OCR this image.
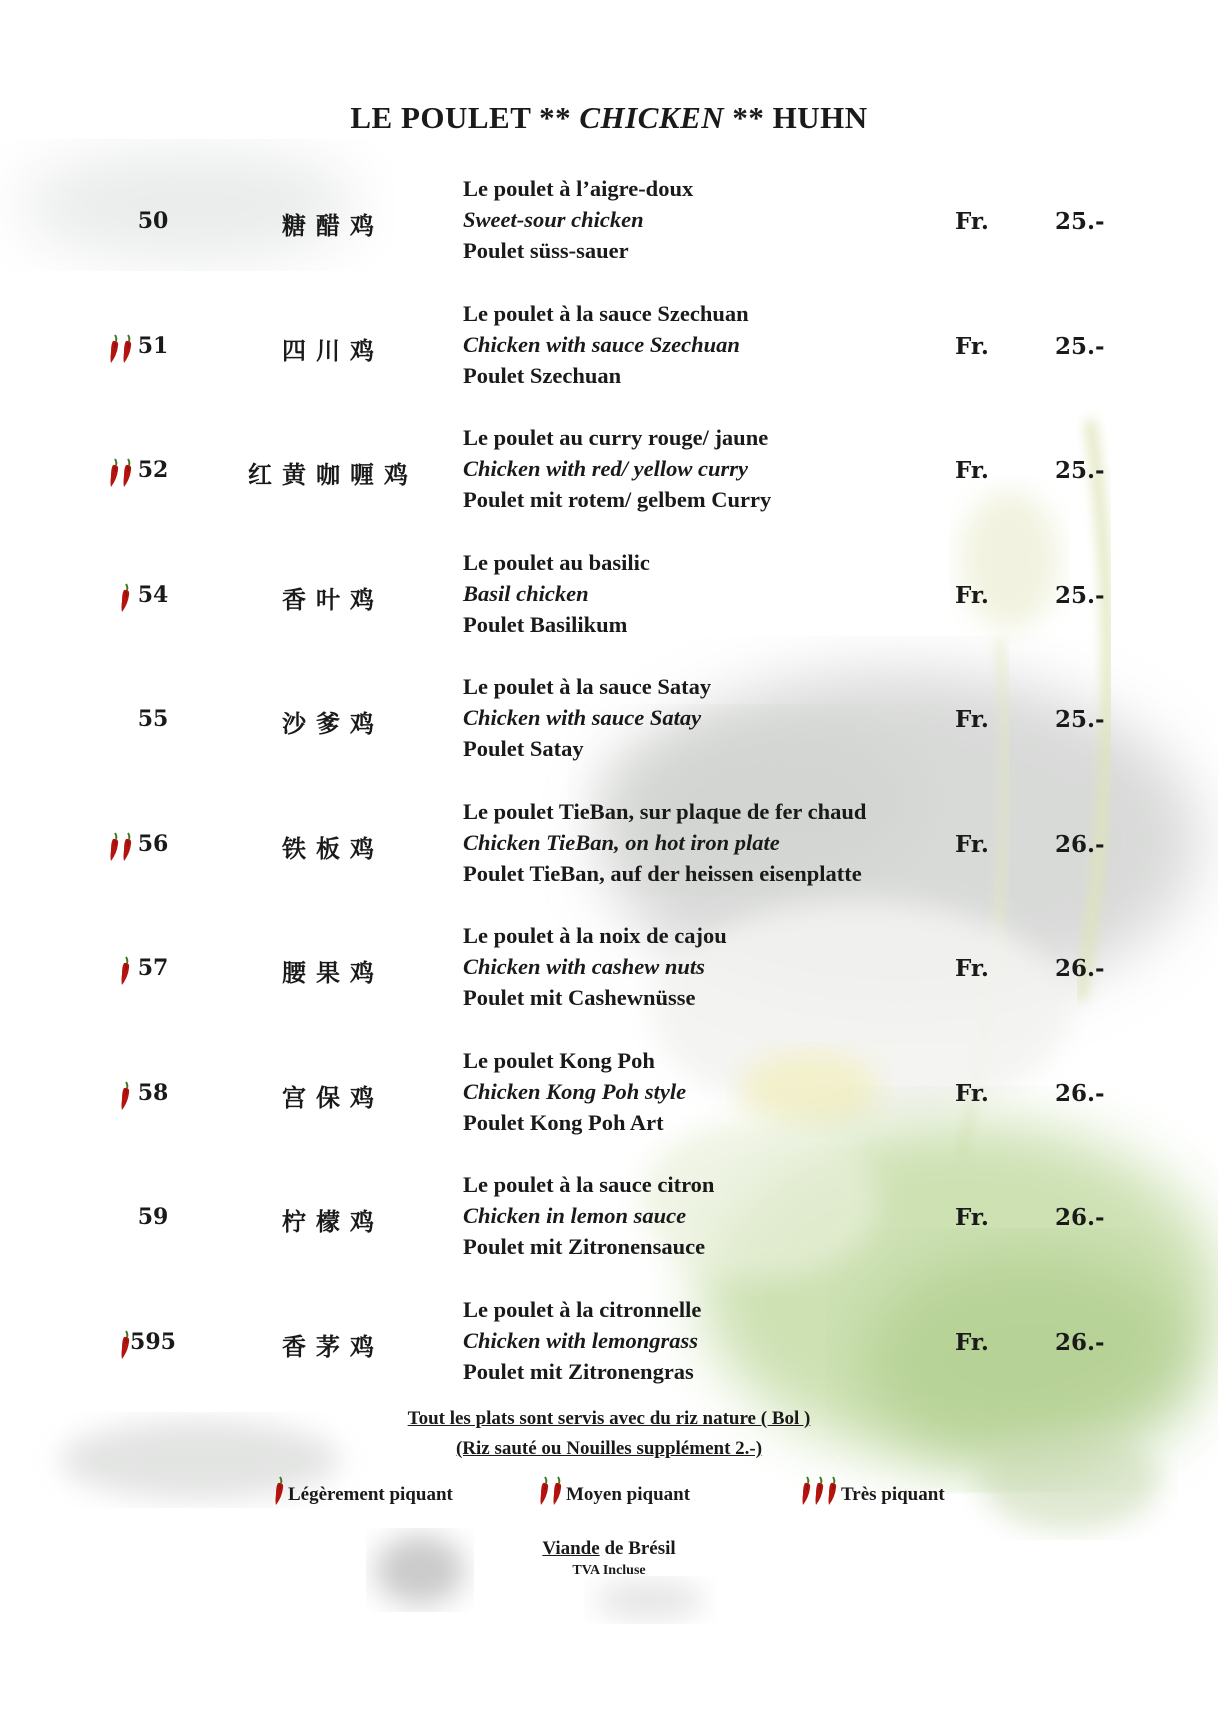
LE POULET ** CHICKEN ** HUHN
50	糖醋鸡
Le poulet à l’aigre-doux
Sweet-sour chicken
Poulet süss-sauer
Fr.	25.-
51	四川鸡
Le poulet à la sauce Szechuan
Chicken with sauce Szechuan
Poulet Szechuan
Fr.	25.-
52	红黄咖喱鸡
Le poulet au curry rouge/ jaune
Chicken with red/ yellow curry
Poulet mit rotem/ gelbem Curry
Fr.	25.-
54	香叶鸡
Le poulet au basilic
Basil chicken
Poulet Basilikum
Fr.	25.-
55	沙爹鸡
Le poulet à la sauce Satay
Chicken with sauce Satay
Poulet Satay
Fr.	25.-
56	铁板鸡
Le poulet TieBan, sur plaque de fer chaud
Chicken TieBan, on hot iron plate
Poulet TieBan, auf der heissen eisenplatte
Fr.	26.-
57	腰果鸡
Le poulet à la noix de cajou
Chicken with cashew nuts
Poulet mit Cashewnüsse
Fr.	26.-
58	宫保鸡
Le poulet Kong Poh
Chicken Kong Poh style
Poulet Kong Poh Art
Fr.	26.-
59	柠檬鸡
Le poulet à la sauce citron
Chicken in lemon sauce
Poulet mit Zitronensauce
Fr.	26.-
595	香茅鸡
Le poulet à la citronnelle
Chicken with lemongrass
Poulet mit Zitronengras
Fr.	26.-
Tout les plats sont servis avec du riz nature ( Bol )
(Riz sauté ou Nouilles supplément 2.-)
Légèrement piquant	Moyen piquant	Très piquant
Viande de Brésil
TVA Incluse
